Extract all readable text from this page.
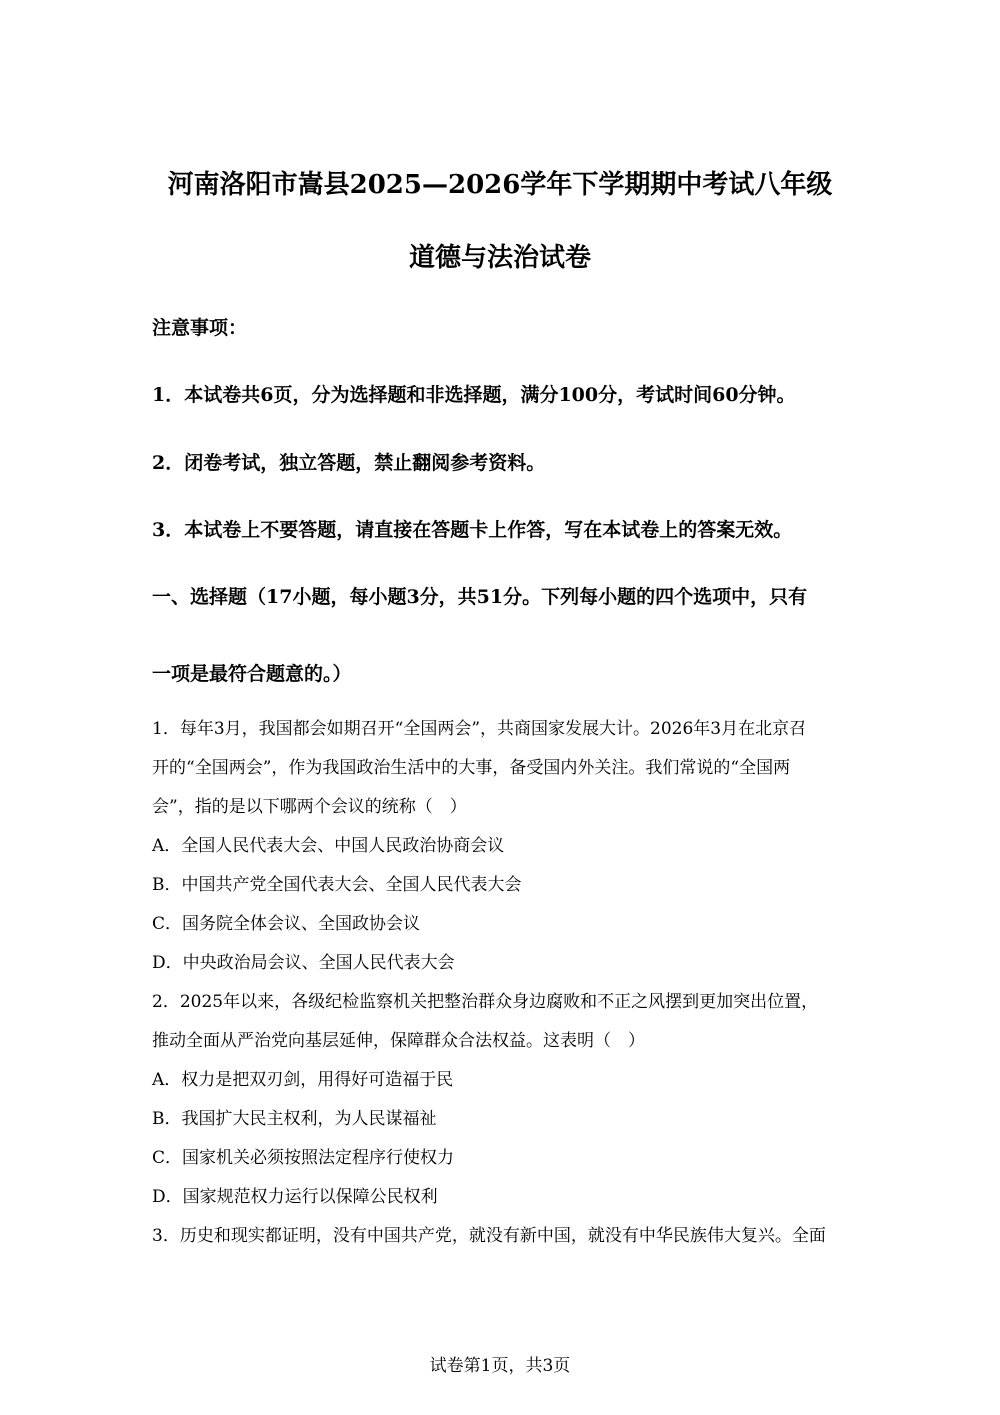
河南洛阳市嵩县2025—2026学年下学期期中考试八年级
道德与法治试卷
注意事项：
1．本试卷共6页，分为选择题和非选择题，满分100分，考试时间60分钟。
2．闭卷考试，独立答题，禁止翻阅参考资料。
3．本试卷上不要答题，请直接在答题卡上作答，写在本试卷上的答案无效。
一、选择题（17小题，每小题3分，共51分。下列每小题的四个选项中，只有
一项是最符合题意的。）
1．每年3月，我国都会如期召开“全国两会”，共商国家发展大计。2026年3月在北京召
开的“全国两会”，作为我国政治生活中的大事，备受国内外关注。我们常说的“全国两
会”，指的是以下哪两个会议的统称（　）
A．全国人民代表大会、中国人民政治协商会议
B．中国共产党全国代表大会、全国人民代表大会
C．国务院全体会议、全国政协会议
D．中央政治局会议、全国人民代表大会
2．2025年以来，各级纪检监察机关把整治群众身边腐败和不正之风摆到更加突出位置，
推动全面从严治党向基层延伸，保障群众合法权益。这表明（　）
A．权力是把双刃剑，用得好可造福于民
B．我国扩大民主权利，为人民谋福祉
C．国家机关必须按照法定程序行使权力
D．国家规范权力运行以保障公民权利
3．历史和现实都证明，没有中国共产党，就没有新中国，就没有中华民族伟大复兴。全面
试卷第1页，共3页
